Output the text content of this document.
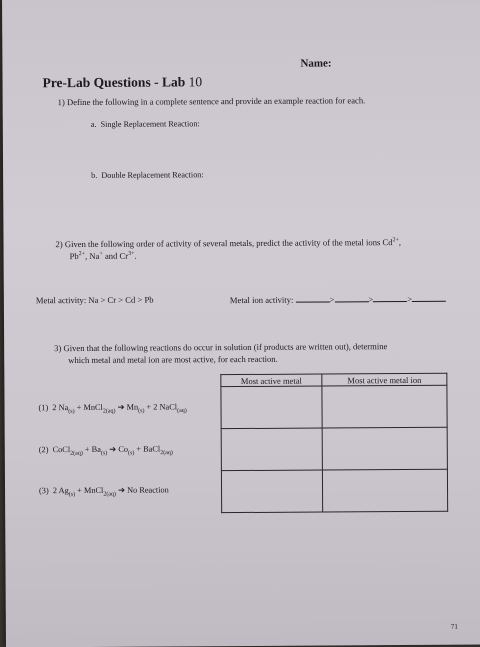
Name:
Pre-Lab Questions - Lab 10
1) Define the following in a complete sentence and provide an example reaction for each.
a. Single Replacement Reaction:
b. Double Replacement Reaction:
2) Given the following order of activity of several metals, predict the activity of the metal ions $Cd^{2+}$,
$Pb^{2+}$, Na+ and $Cr^{3+}$.
Metal activity: Na > Cr > Cd > Pb	Metal ion activity:	>	>	>
3) Given that the following reactions do occur in solution (if products are written out), determine
which metal and metal ion are most active, for each reaction.
Most active metal	Most active metal ion

(1)  2 $Na_{(s)}$ + MnCl$_{2(aq)}$ ➔ $Mn_{(s)} + 2$ NaCl$_{(aq)}$
(2)  CoCl$_{2(aq)}$ + $Ba_{(s)}$ ➔ $Co_{(s)}$ + BaCl$_{2(aq)}$
(3)  2 $Ag_{(s)}$ + MnCl$_{2(aq)}$ ➔ No Reaction
71
